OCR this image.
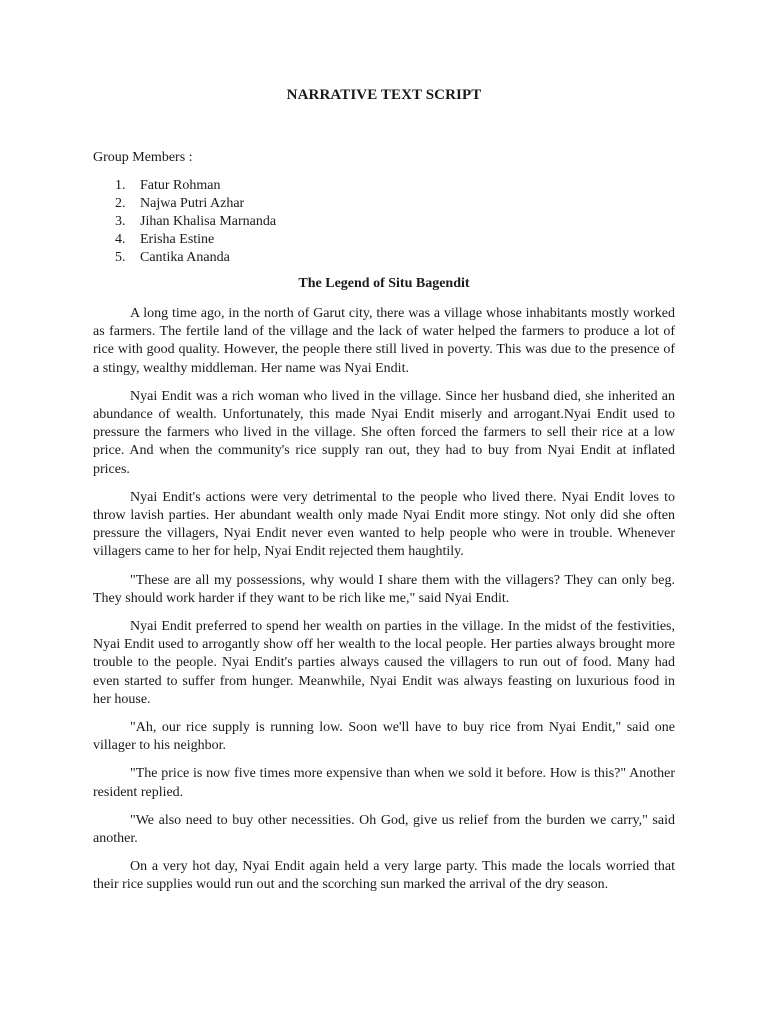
NARRATIVE TEXT SCRIPT

Group Members :

1. Fatur Rohman
2. Najwa Putri Azhar
3. Jihan Khalisa Marnanda
4. Erisha Estine
5. Cantika Ananda
The Legend of Situ Bagendit

A long time ago, in the north of Garut city, there was a village whose inhabitants mostly worked as farmers. The fertile land of the village and the lack of water helped the farmers to produce a lot of rice with good quality. However, the people there still lived in poverty. This was due to the presence of a stingy, wealthy middleman. Her name was Nyai Endit.

Nyai Endit was a rich woman who lived in the village. Since her husband died, she inherited an abundance of wealth. Unfortunately, this made Nyai Endit miserly and arrogant.Nyai Endit used to pressure the farmers who lived in the village. She often forced the farmers to sell their rice at a low price. And when the community's rice supply ran out, they had to buy from Nyai Endit at inflated prices.

Nyai Endit's actions were very detrimental to the people who lived there. Nyai Endit loves to throw lavish parties. Her abundant wealth only made Nyai Endit more stingy. Not only did she often pressure the villagers, Nyai Endit never even wanted to help people who were in trouble. Whenever villagers came to her for help, Nyai Endit rejected them haughtily.

"These are all my possessions, why would I share them with the villagers? They can only beg. They should work harder if they want to be rich like me," said Nyai Endit.

Nyai Endit preferred to spend her wealth on parties in the village. In the midst of the festivities, Nyai Endit used to arrogantly show off her wealth to the local people. Her parties always brought more trouble to the people. Nyai Endit's parties always caused the villagers to run out of food. Many had even started to suffer from hunger. Meanwhile, Nyai Endit was always feasting on luxurious food in her house.

"Ah, our rice supply is running low. Soon we'll have to buy rice from Nyai Endit," said one villager to his neighbor.

"The price is now five times more expensive than when we sold it before. How is this?" Another resident replied.

"We also need to buy other necessities. Oh God, give us relief from the burden we carry," said another.

On a very hot day, Nyai Endit again held a very large party. This made the locals worried that their rice supplies would run out and the scorching sun marked the arrival of the dry season.
